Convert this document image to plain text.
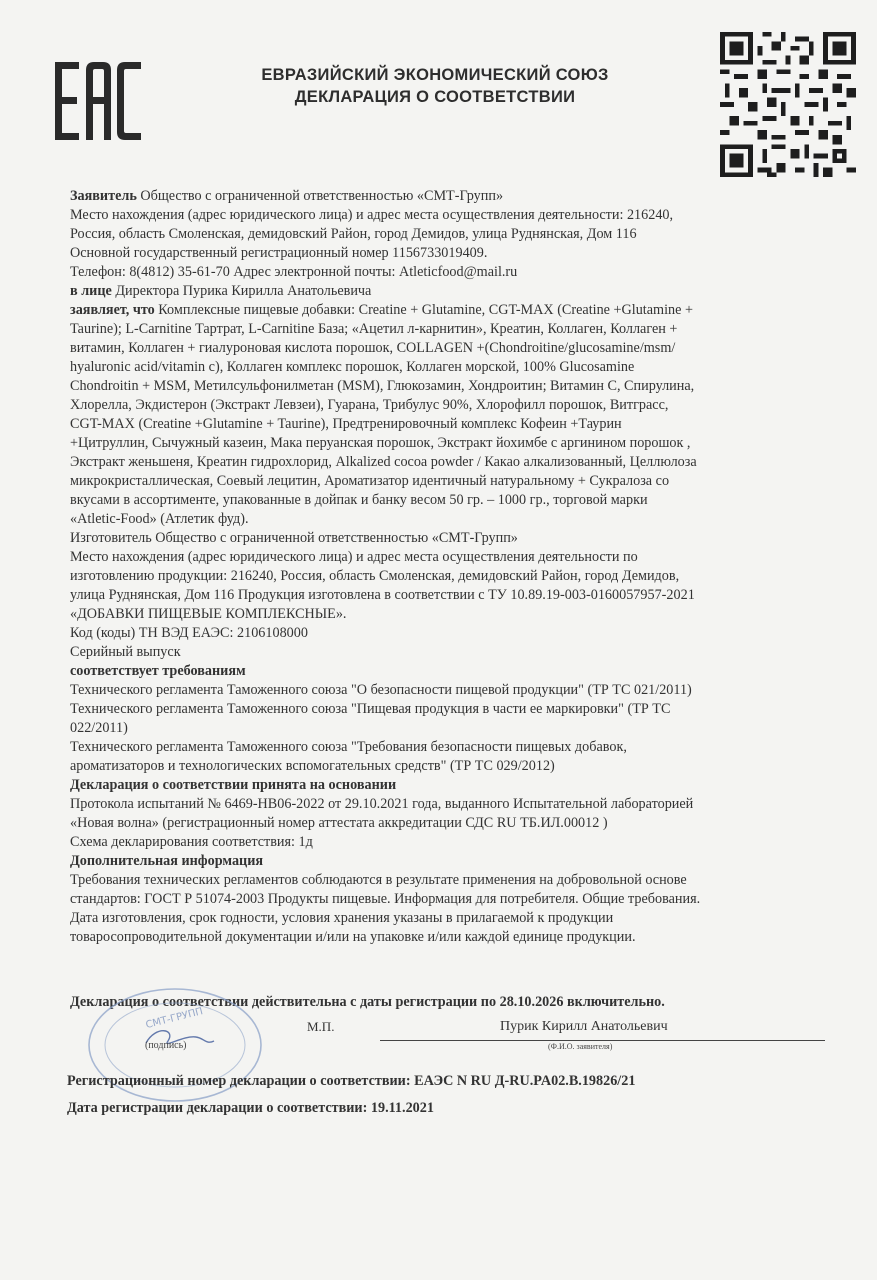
ЕВРАЗИЙСКИЙ ЭКОНОМИЧЕСКИЙ СОЮЗ
ДЕКЛАРАЦИЯ О СООТВЕТСТВИИ

Заявитель Общество с ограниченной ответственностью «СМТ-Групп»

Место нахождения (адрес юридического лица) и адрес места осуществления деятельности: 216240,

Россия, область Смоленская, демидовский Район, город Демидов, улица Руднянская, Дом 116

Основной государственный регистрационный номер 1156733019409.

Телефон: 8(4812) 35-61-70 Адрес электронной почты: Atleticfood@mail.ru

в лице Директора Пурика Кирилла Анатольевича

заявляет, что Комплексные пищевые добавки: Creatine + Glutamine, CGT-MAX (Creatine +Glutamine +

Taurine); L-Carnitine Тартрат, L-Carnitine База; «Ацетил л-карнитин», Креатин, Коллаген, Коллаген +

витамин, Коллаген + гиалуроновая кислота порошок, COLLAGEN +(Chondroitine/glucosamine/msm/

hyaluronic acid/vitamin c), Коллаген комплекс порошок, Коллаген морской, 100% Glucosamine

Chondroitin + MSM, Метилсульфонилметан (MSM), Глюкозамин, Хондроитин; Витамин С, Спирулина,

Хлорелла, Экдистерон (Экстракт Левзеи), Гуарана, Трибулус 90%, Хлорофилл порошок, Витграсс,

CGT-MAX (Creatine +Glutamine + Taurine), Предтренировочный комплекс Кофеин +Таурин

+Цитруллин, Сычужный казеин, Мака перуанская порошок, Экстракт йохимбе с аргинином порошок ,

Экстракт женьшеня, Креатин гидрохлорид, Alkalized cocoa powder / Какао алкализованный, Целлюлоза

микрокристаллическая, Соевый лецитин, Ароматизатор идентичный натуральному + Сукралоза со

вкусами в ассортименте, упакованные в дойпак и банку весом 50 гр. – 1000 гр., торговой марки

«Atletic-Food» (Атлетик фуд).

Изготовитель Общество с ограниченной ответственностью «СМТ-Групп»

Место нахождения (адрес юридического лица) и адрес места осуществления деятельности по

изготовлению продукции: 216240, Россия, область Смоленская, демидовский Район, город Демидов,

улица Руднянская, Дом 116 Продукция изготовлена в соответствии с ТУ 10.89.19-003-0160057957-2021

«ДОБАВКИ ПИЩЕВЫЕ КОМПЛЕКСНЫЕ».

Код (коды) ТН ВЭД ЕАЭС: 2106108000

Серийный выпуск

соответствует требованиям

Технического регламента Таможенного союза "О безопасности пищевой продукции" (ТР ТС 021/2011)

Технического регламента Таможенного союза "Пищевая продукция в части ее маркировки" (ТР ТС

022/2011)

Технического регламента Таможенного союза "Требования безопасности пищевых добавок,

ароматизаторов и технологических вспомогательных средств" (ТР ТС 029/2012)

Декларация о соответствии принята на основании

Протокола испытаний № 6469-НВ06-2022 от 29.10.2021 года, выданного Испытательной лабораторией

«Новая волна» (регистрационный номер аттестата аккредитации СДС RU ТБ.ИЛ.00012 )

Схема декларирования соответствия: 1д

Дополнительная информация

Требования технических регламентов соблюдаются в результате применения на добровольной основе

стандартов: ГОСТ Р 51074-2003 Продукты пищевые. Информация для потребителя. Общие требования.

Дата изготовления, срок годности, условия хранения указаны в прилагаемой к продукции

товаросопроводительной документации и/или на упаковке и/или каждой единице продукции.

Декларация о соответствии действительна с даты регистрации по 28.10.2026 включительно.
СМТ-ГРУПП	М.П.
(подпись)
Пурик Кирилл Анатольевич
(Ф.И.О. заявителя)
Регистрационный номер декларации о соответствии: ЕАЭС N RU Д-RU.PA02.B.19826/21
Дата регистрации декларации о соответствии: 19.11.2021
